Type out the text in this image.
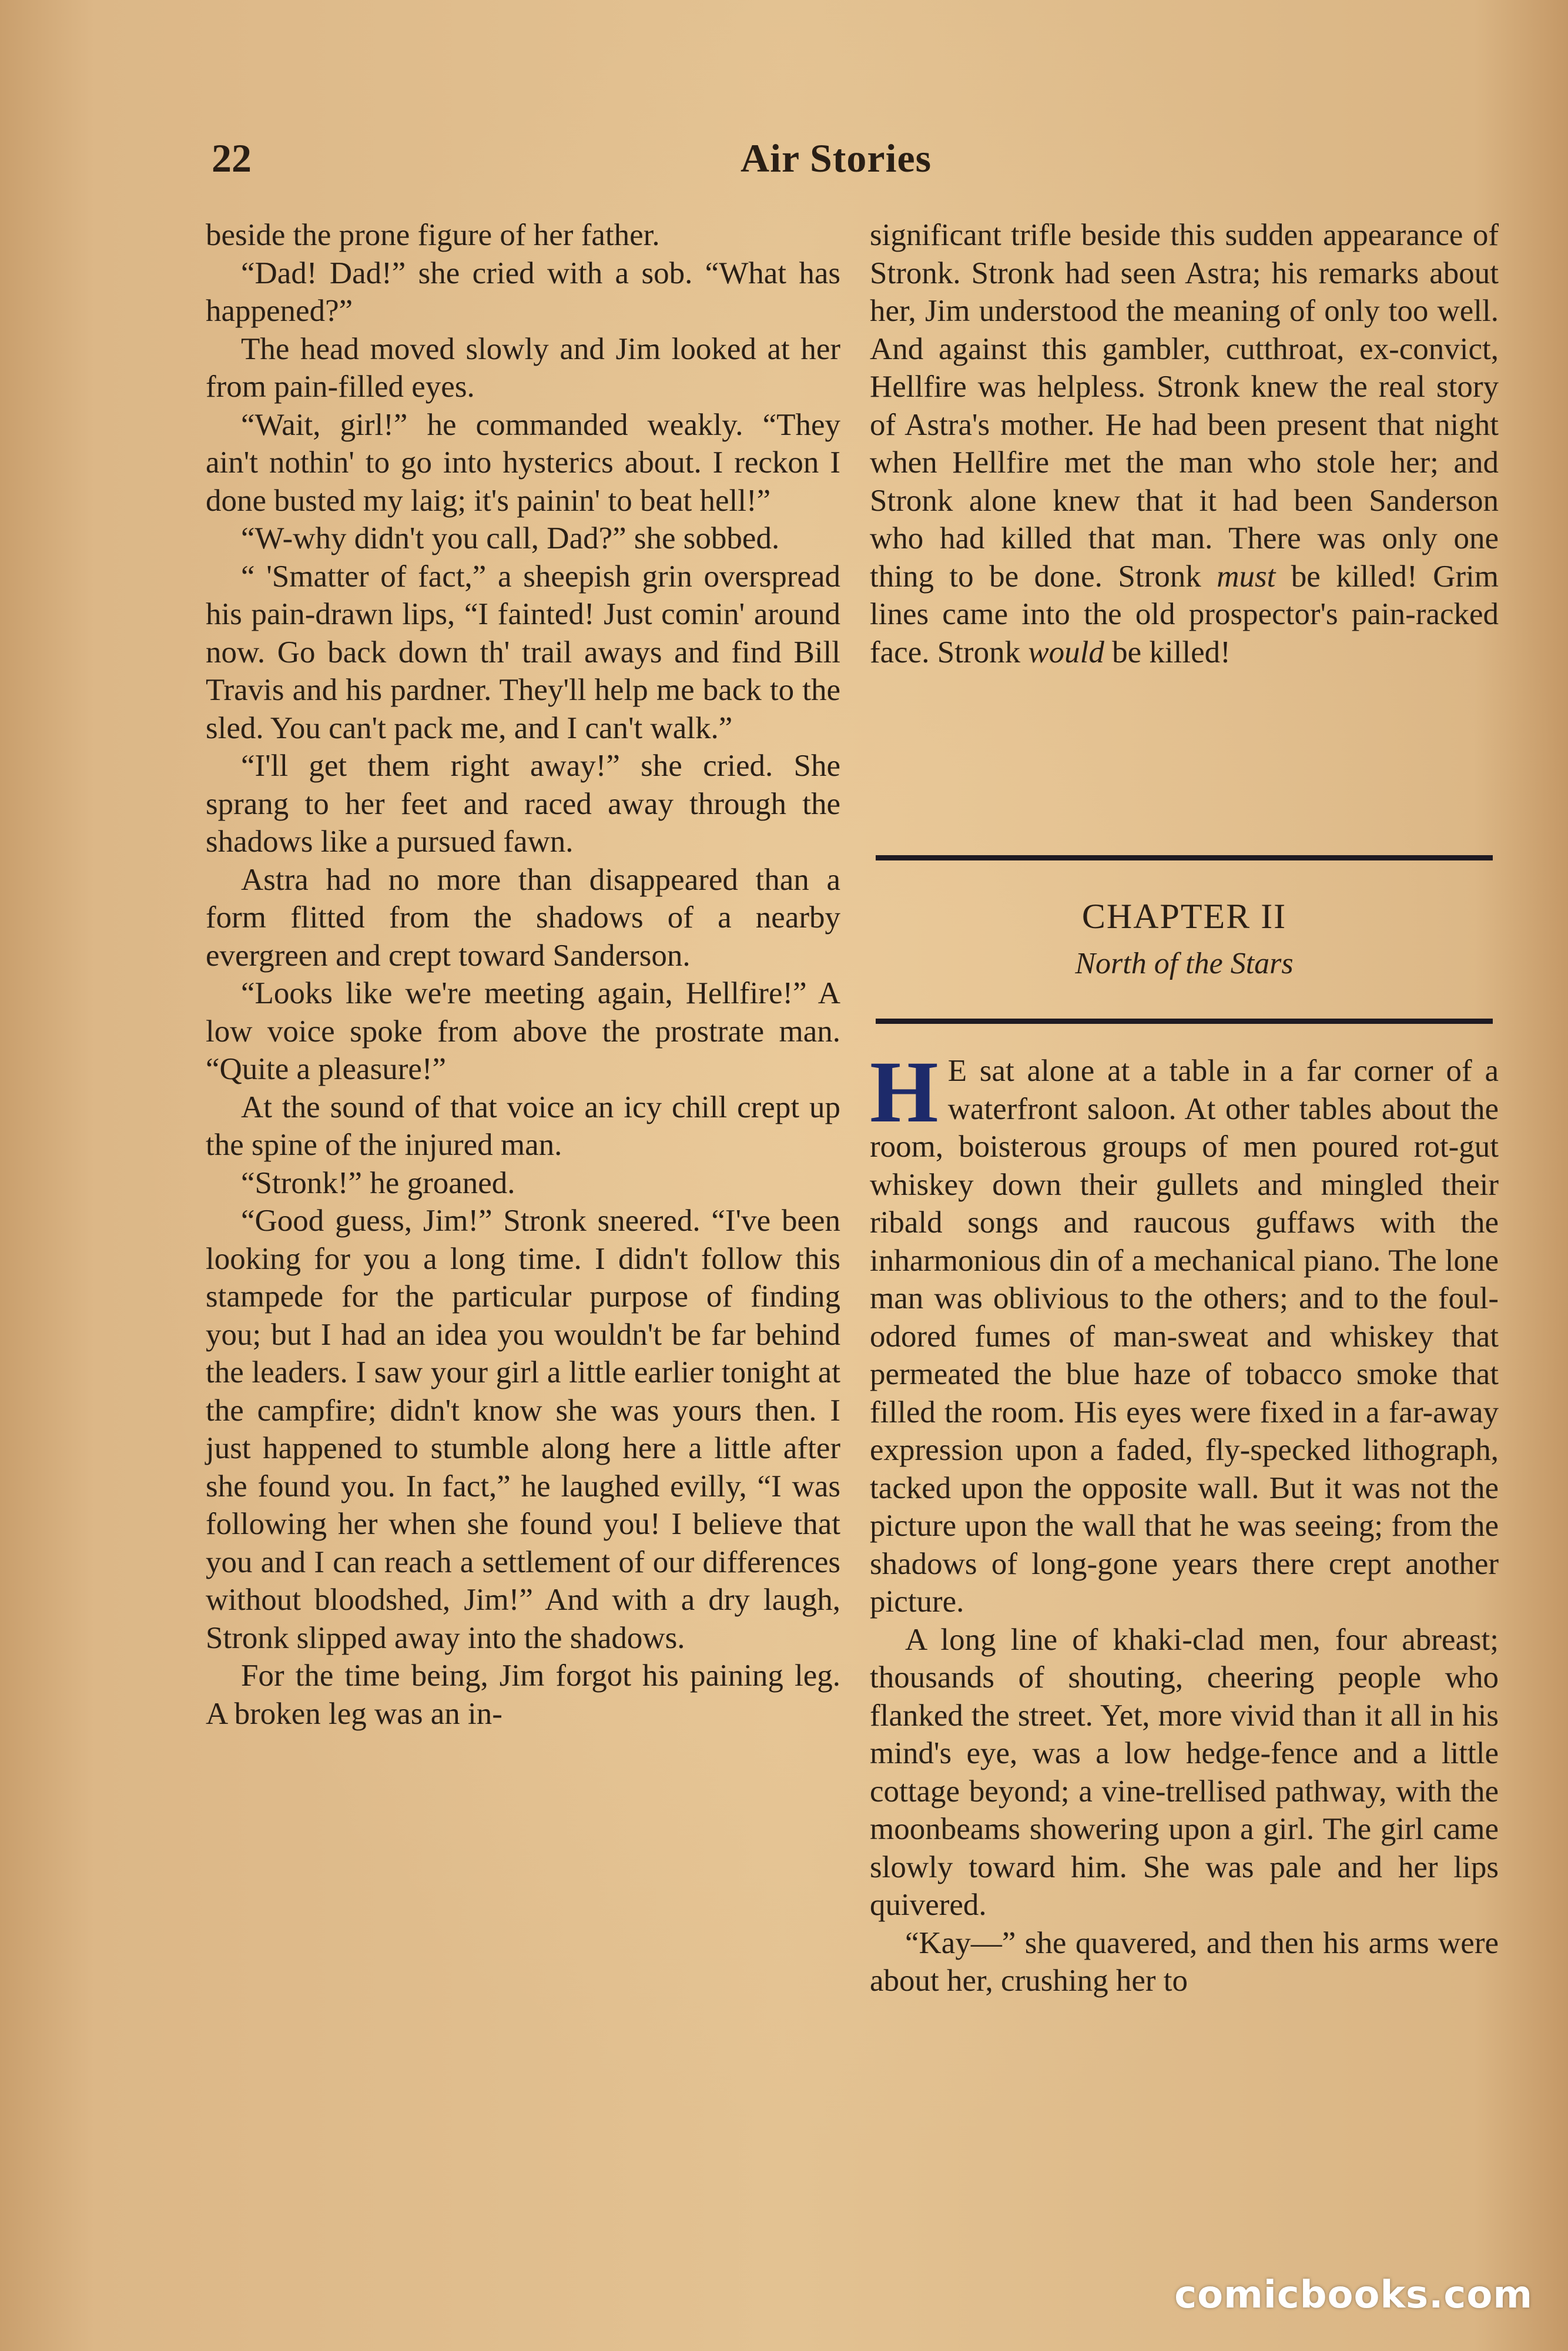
22	Air Stories

beside the prone figure of her father.

“Dad! Dad!” she cried with a sob. “What has happened?”

The head moved slowly and Jim looked at her from pain-filled eyes.

“Wait, girl!” he commanded weakly. “They ain't nothin' to go into hysterics about. I reckon I done busted my laig; it's painin' to beat hell!”

“W-why didn't you call, Dad?” she sobbed.

“ 'Smatter of fact,” a sheepish grin overspread his pain-drawn lips, “I fainted! Just comin' around now. Go back down th' trail aways and find Bill Travis and his pardner. They'll help me back to the sled. You can't pack me, and I can't walk.”

“I'll get them right away!” she cried. She sprang to her feet and raced away through the shadows like a pursued fawn.

Astra had no more than disappeared than a form flitted from the shadows of a nearby evergreen and crept toward Sanderson.

“Looks like we're meeting again, Hellfire!” A low voice spoke from above the prostrate man. “Quite a pleasure!”

At the sound of that voice an icy chill crept up the spine of the injured man.

“Stronk!” he groaned.

“Good guess, Jim!” Stronk sneered. “I've been looking for you a long time. I didn't follow this stampede for the particular purpose of finding you; but I had an idea you wouldn't be far behind the leaders. I saw your girl a little earlier tonight at the campfire; didn't know she was yours then. I just happened to stumble along here a little after she found you. In fact,” he laughed evilly, “I was following her when she found you! I believe that you and I can reach a settlement of our differences without bloodshed, Jim!” And with a dry laugh, Stronk slipped away into the shadows.

For the time being, Jim forgot his paining leg. A broken leg was an in-

significant trifle beside this sudden appearance of Stronk. Stronk had seen Astra; his remarks about her, Jim understood the meaning of only too well. And against this gambler, cutthroat, ex-convict, Hellfire was helpless. Stronk knew the real story of Astra's mother. He had been present that night when Hellfire met the man who stole her; and Stronk alone knew that it had been Sanderson who had killed that man. There was only one thing to be done. Stronk must be killed! Grim lines came into the old prospector's pain-racked face. Stronk would be killed!

CHAPTER II
North of the Stars

H E sat alone at a table in a far corner of a waterfront saloon. At other tables about the room, boisterous groups of men poured rot-gut whiskey down their gullets and mingled their ribald songs and raucous guffaws with the inharmonious din of a mechanical piano. The lone man was oblivious to the others; and to the foul-odored fumes of man-sweat and whiskey that permeated the blue haze of tobacco smoke that filled the room. His eyes were fixed in a far-away expression upon a faded, fly-specked lithograph, tacked upon the opposite wall. But it was not the picture upon the wall that he was seeing; from the shadows of long-gone years there crept another picture.

A long line of khaki-clad men, four abreast; thousands of shouting, cheering people who flanked the street. Yet, more vivid than it all in his mind's eye, was a low hedge-fence and a little cottage beyond; a vine-trellised pathway, with the moonbeams showering upon a girl. The girl came slowly toward him. She was pale and her lips quivered.

“Kay—” she quavered, and then his arms were about her, crushing her to

comicbooks.com
